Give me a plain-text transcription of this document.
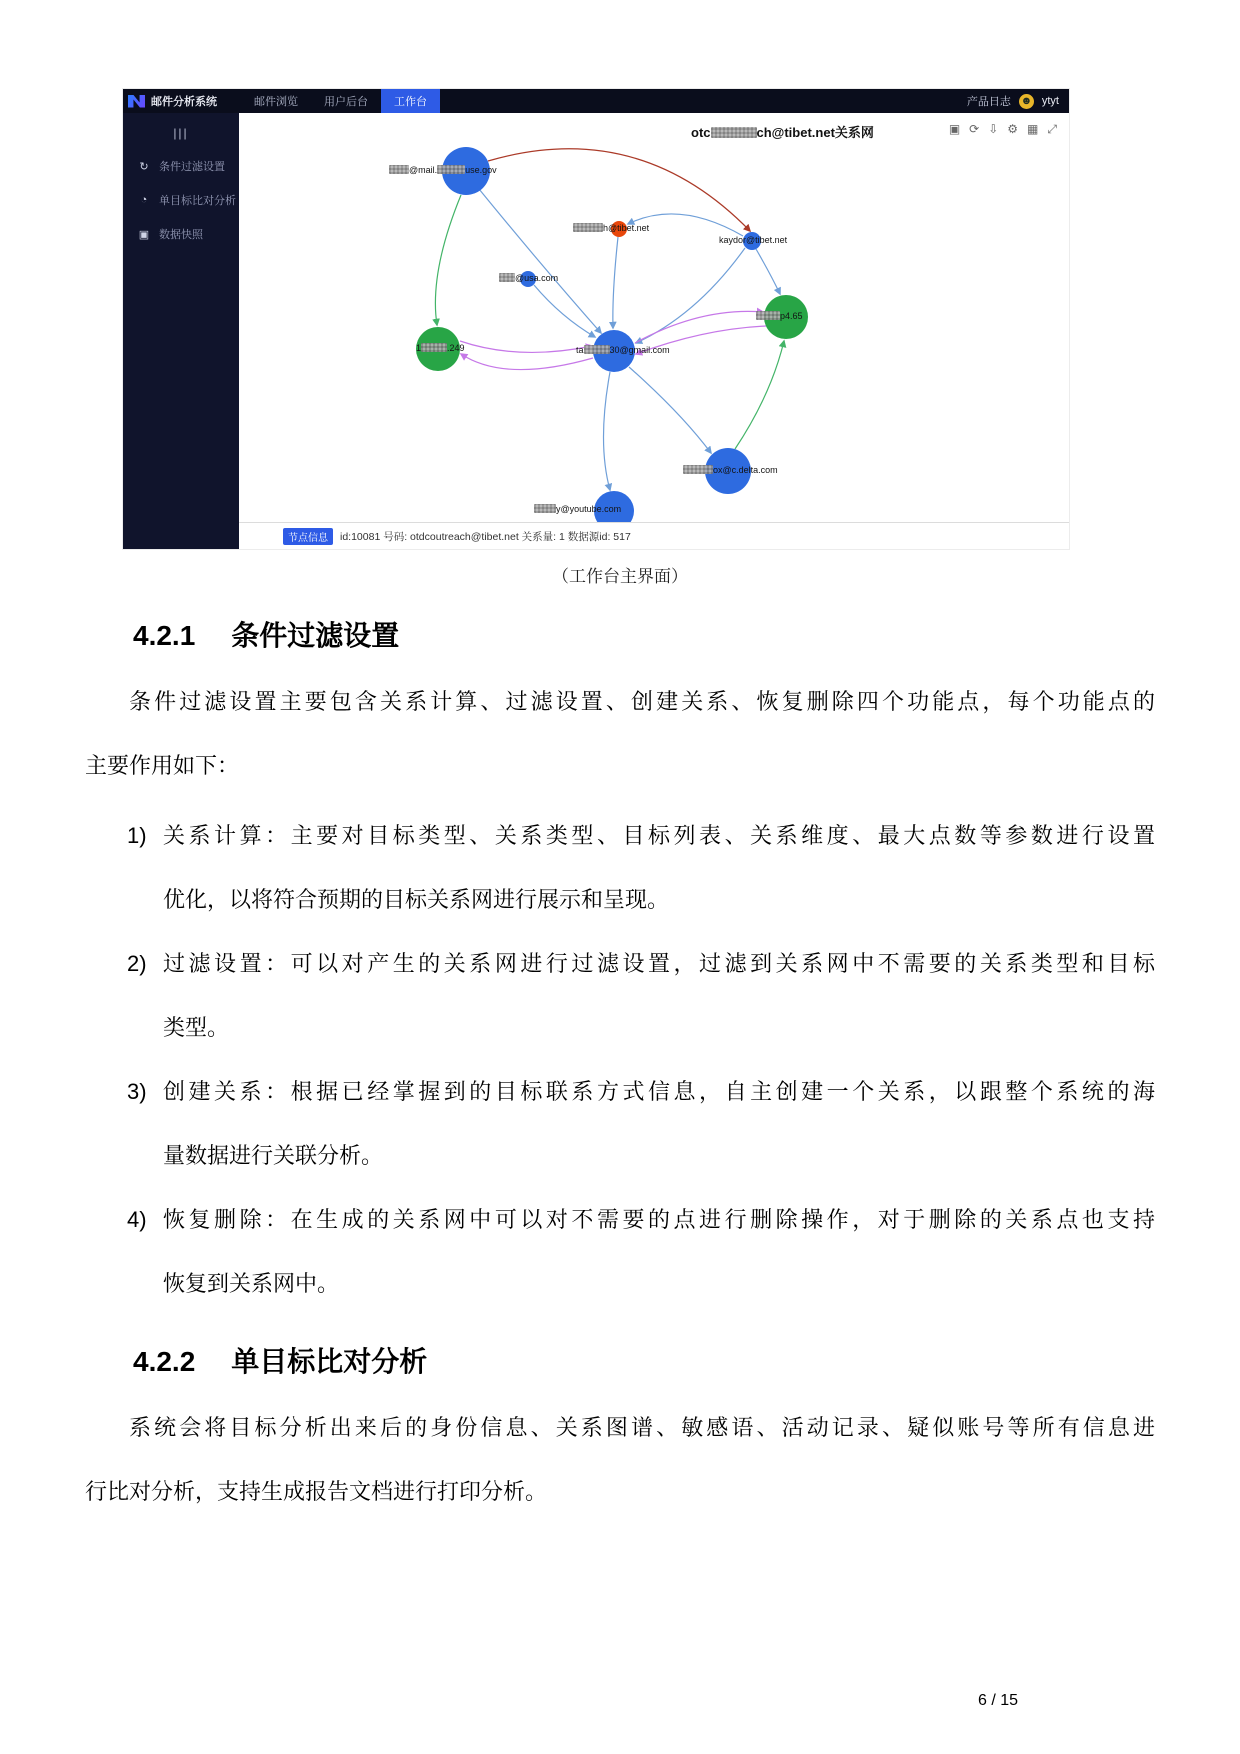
邮件分析系统	邮件浏览	用户后台	工作台	产品日志 ☻ ytyt
|||
↻ 条件过滤设置
◔ 单目标比对分析
▣ 数据快照
otc	ch@tibet.net关系网	▣ ⟳ ⇩ ⚙ ▦ ⤢
@mail.	use.gov
h@tibet.net
kaydor@tibet.net
@usa.com
1	.249	ta	30@gmail.com
p4.65
ox@c.delta.com
y@youtube.com
节点信息	id:10081 号码: otdcoutreach@tibet.net 关系量: 1 数据源id: 517
（工作台主界面）
4.2.1 条件过滤设置
条件过滤设置主要包含关系计算、过滤设置、创建关系、恢复删除四个功能点，每个功能点的
主要作用如下：
1) 关系计算：主要对目标类型、关系类型、目标列表、关系维度、最大点数等参数进行设置
优化，以将符合预期的目标关系网进行展示和呈现。
2) 过滤设置：可以对产生的关系网进行过滤设置，过滤到关系网中不需要的关系类型和目标
类型。
3) 创建关系：根据已经掌握到的目标联系方式信息，自主创建一个关系，以跟整个系统的海
量数据进行关联分析。
4) 恢复删除：在生成的关系网中可以对不需要的点进行删除操作，对于删除的关系点也支持
恢复到关系网中。
4.2.2 单目标比对分析
系统会将目标分析出来后的身份信息、关系图谱、敏感语、活动记录、疑似账号等所有信息进
行比对分析，支持生成报告文档进行打印分析。
6 / 15
